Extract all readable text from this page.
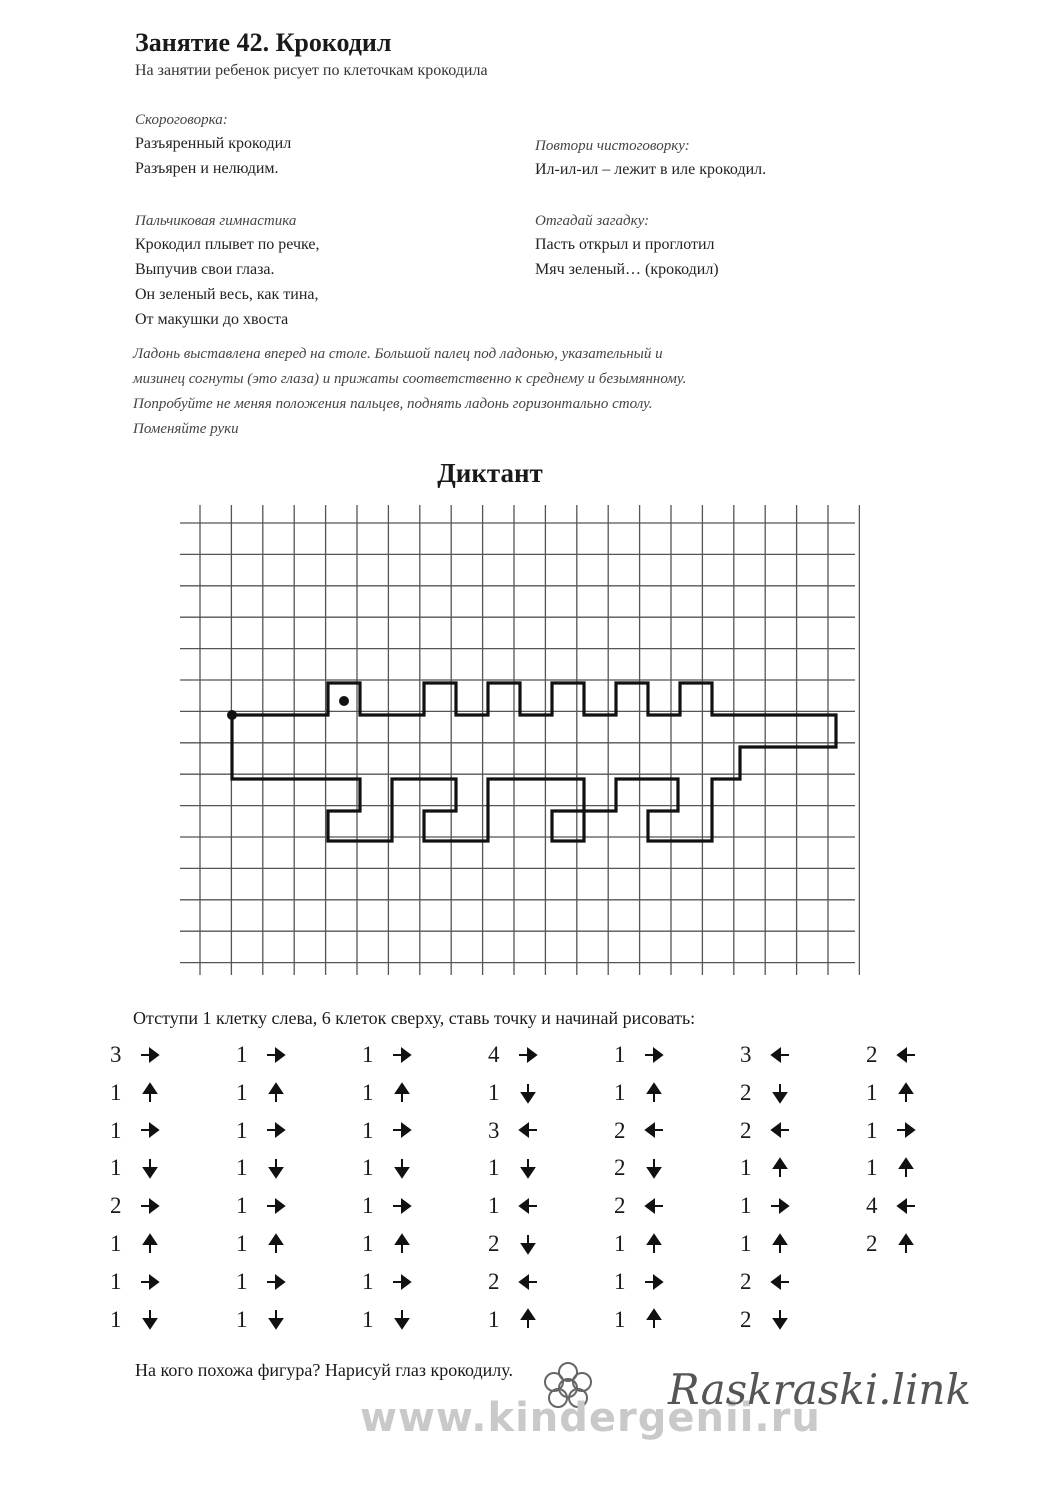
Занятие 42. Крокодил
На занятии ребенок рисует по клеточкам крокодила
Скороговорка:
Разъяренный крокодил
Разъярен и нелюдим.
Пальчиковая гимнастика
Крокодил плывет по речке,
Выпучив свои глаза.
Он зеленый весь, как тина,
От макушки до хвоста
Повтори чистоговорку:
Ил-ил-ил – лежит в иле крокодил.
Отгадай загадку:
Пасть открыл и проглотил
Мяч зеленый… (крокодил)
Ладонь выставлена вперед на столе. Большой палец под ладонью, указательный и
мизинец согнуты (это глаза) и прижаты соответственно к среднему и безымянному.
Попробуйте не меняя положения пальцев, поднять ладонь горизонтально столу.
Поменяйте руки
Диктант
Отступи 1 клетку слева, 6 клеток сверху, ставь точку и начинай рисовать:
3
1
1
1
2
1
1
1
1
1
1
1
1
1
1
1
1
1
1
1
1
1
1
1
4
1
3
1
1
2
2
1
1
1
2
2
2
1
1
1
3
2
2
1
1
1
2
2
2
1
1
1
4
2
На кого похожа фигура? Нарисуй глаз крокодилу.
www.kindergenii.ru
Raskraski.link
